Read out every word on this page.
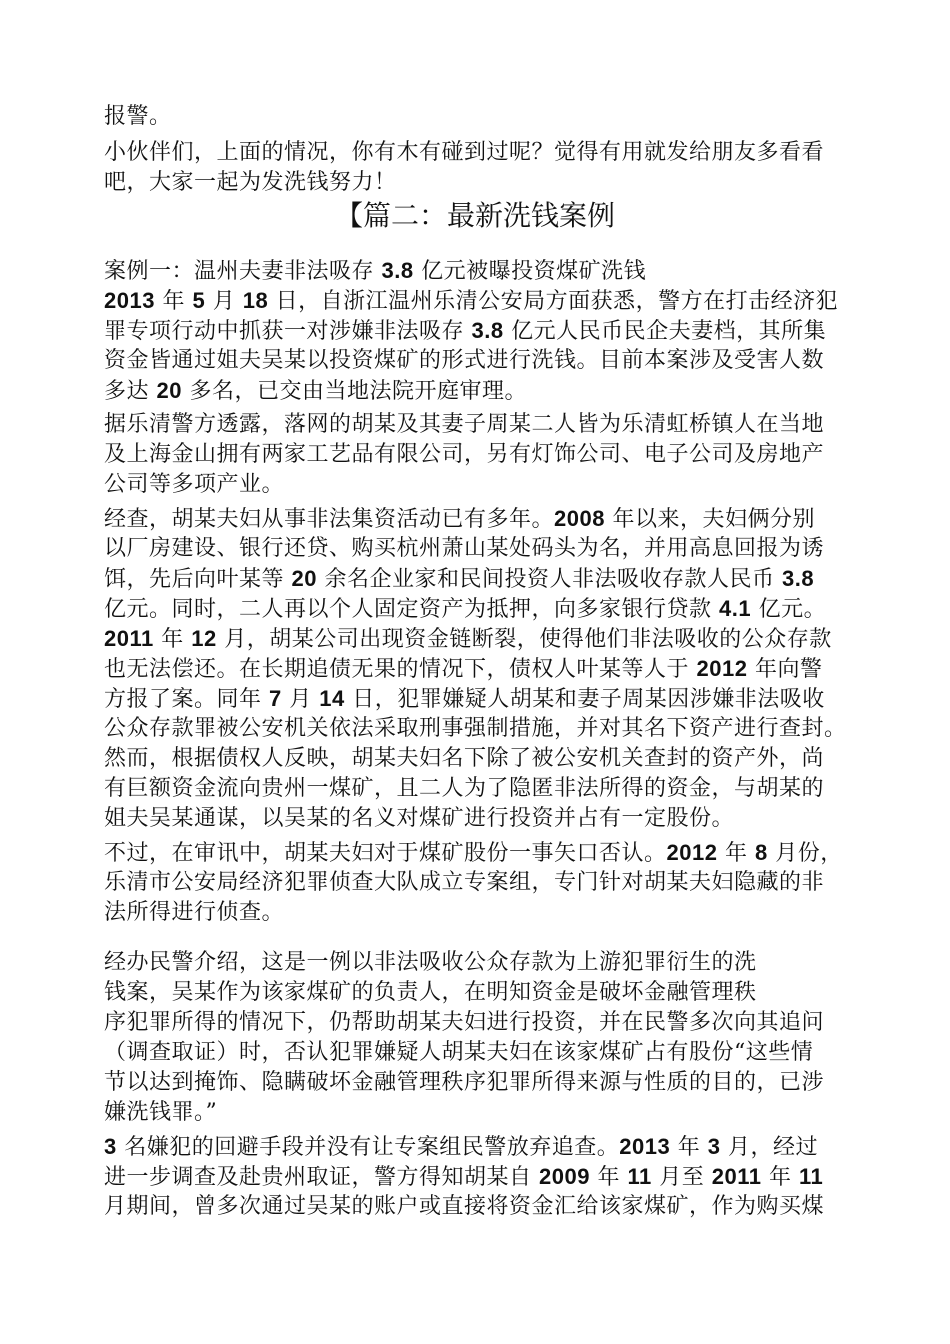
报警。
小伙伴们，上面的情况，你有木有碰到过呢？觉得有用就发给朋友多看看
吧，大家一起为发洗钱努力！
【篇二：最新洗钱案例
案例一：温州夫妻非法吸存 3.8 亿元被曝投资煤矿洗钱
2013 年 5 月 18 日，自浙江温州乐清公安局方面获悉，警方在打击经济犯
罪专项行动中抓获一对涉嫌非法吸存 3.8 亿元人民币民企夫妻档，其所集
资金皆通过姐夫吴某以投资煤矿的形式进行洗钱。目前本案涉及受害人数
多达 20 多名，已交由当地法院开庭审理。
据乐清警方透露，落网的胡某及其妻子周某二人皆为乐清虹桥镇人在当地
及上海金山拥有两家工艺品有限公司，另有灯饰公司、电子公司及房地产
公司等多项产业。
经查，胡某夫妇从事非法集资活动已有多年。2008 年以来，夫妇俩分别
以厂房建设、银行还贷、购买杭州萧山某处码头为名，并用高息回报为诱
饵，先后向叶某等 20 余名企业家和民间投资人非法吸收存款人民币 3.8
亿元。同时，二人再以个人固定资产为抵押，向多家银行贷款 4.1 亿元。
2011 年 12 月，胡某公司出现资金链断裂，使得他们非法吸收的公众存款
也无法偿还。在长期追债无果的情况下，债权人叶某等人于 2012 年向警
方报了案。同年 7 月 14 日，犯罪嫌疑人胡某和妻子周某因涉嫌非法吸收
公众存款罪被公安机关依法采取刑事强制措施，并对其名下资产进行查封。
然而，根据债权人反映，胡某夫妇名下除了被公安机关查封的资产外，尚
有巨额资金流向贵州一煤矿，且二人为了隐匿非法所得的资金，与胡某的
姐夫吴某通谋，以吴某的名义对煤矿进行投资并占有一定股份。
不过，在审讯中，胡某夫妇对于煤矿股份一事矢口否认。2012 年 8 月份，
乐清市公安局经济犯罪侦查大队成立专案组，专门针对胡某夫妇隐藏的非
法所得进行侦查。
经办民警介绍，这是一例以非法吸收公众存款为上游犯罪衍生的洗
钱案，吴某作为该家煤矿的负责人，在明知资金是破坏金融管理秩
序犯罪所得的情况下，仍帮助胡某夫妇进行投资，并在民警多次向其追问
（调查取证）时，否认犯罪嫌疑人胡某夫妇在该家煤矿占有股份“这些情
节以达到掩饰、隐瞒破坏金融管理秩序犯罪所得来源与性质的目的，已涉
嫌洗钱罪。”
3 名嫌犯的回避手段并没有让专案组民警放弃追查。2013 年 3 月，经过
进一步调查及赴贵州取证，警方得知胡某自 2009 年 11 月至 2011 年 11
月期间，曾多次通过吴某的账户或直接将资金汇给该家煤矿，作为购买煤
